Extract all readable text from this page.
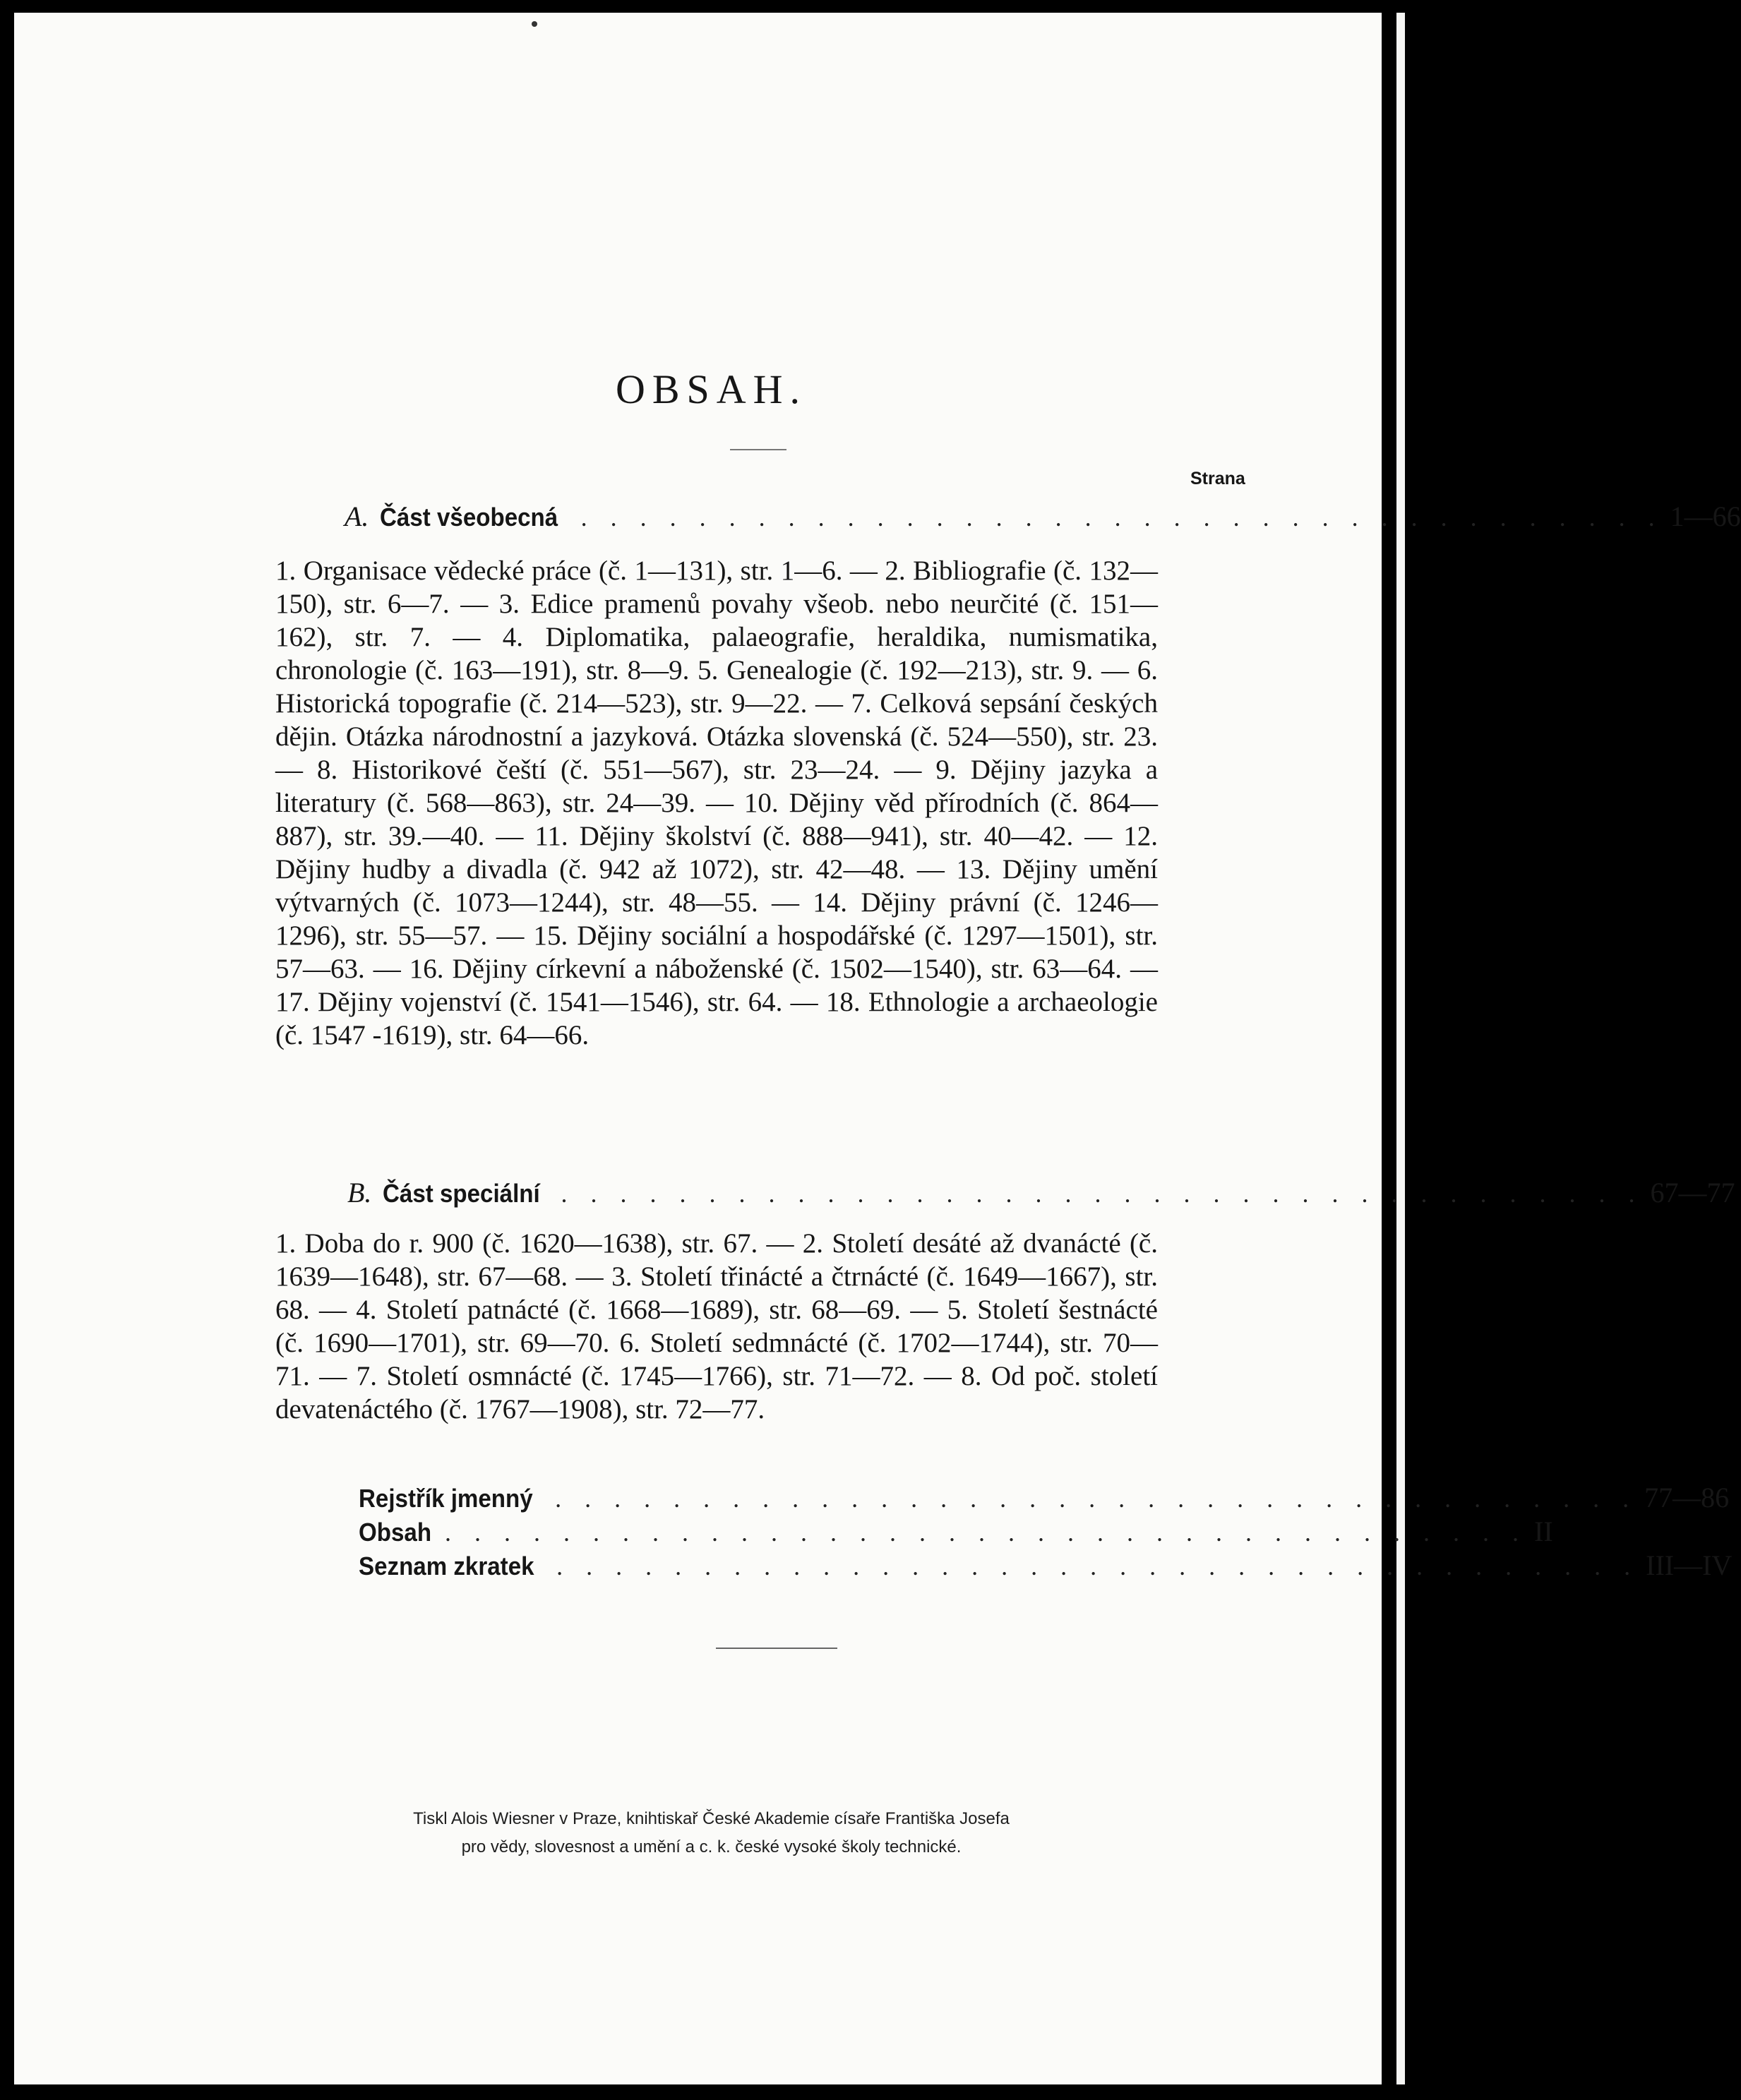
OBSAH.
Strana
A. Část všeobecná . . . . . . . . . . . . . . . . . . . . . . . . . . . . . . . . . . . . . 1—66
1. Organisace vědecké práce (č. 1—131), str. 1—6. — 2. Bibliografie (č. 132—150), str. 6—7. — 3. Edice pramenů povahy všeob. nebo neurčité (č. 151—162), str. 7. — 4. Diplomatika, palaeografie, heraldika, numismatika, chronologie (č. 163—191), str. 8—9. 5. Genealogie (č. 192—213), str. 9. — 6. Historická topografie (č. 214—523), str. 9—22. — 7. Celková sepsání českých dějin. Otázka národnostní a jazyková. Otázka slovenská (č. 524—550), str. 23. — 8. Historikové čeští (č. 551—567), str. 23—24. — 9. Dějiny jazyka a literatury (č. 568—863), str. 24—39. — 10. Dějiny věd přírodních (č. 864—887), str. 39.—40. — 11. Dějiny školství (č. 888—941), str. 40—42. — 12. Dějiny hudby a divadla (č. 942 až 1072), str. 42—48. — 13. Dějiny umění výtvarných (č. 1073—1244), str. 48—55. — 14. Dějiny právní (č. 1246—1296), str. 55—57. — 15. Dějiny sociální a hospodářské (č. 1297—1501), str. 57—63. — 16. Dějiny církevní a náboženské (č. 1502—1540), str. 63—64. — 17. Dějiny vojenství (č. 1541—1546), str. 64. — 18. Ethnologie a archaeologie (č. 1547 -1619), str. 64—66.
B. Část speciální . . . . . . . . . . . . . . . . . . . . . . . . . . . . . . . . . . . . . 67—77
1. Doba do r. 900 (č. 1620—1638), str. 67. — 2. Století desáté až dvanácté (č. 1639—1648), str. 67—68. — 3. Století třinácté a čtrnácté (č. 1649—1667), str. 68. — 4. Století patnácté (č. 1668—1689), str. 68—69. — 5. Století šestnácté (č. 1690—1701), str. 69—70. 6. Století sedmnácté (č. 1702—1744), str. 70—71. — 7. Století osmnácté (č. 1745—1766), str. 71—72. — 8. Od poč. století devatenáctého (č. 1767—1908), str. 72—77.
Rejstřík jmenný . . . . . . . . . . . . . . . . . . . . . . . . . . . . . . . . . . . . . 77—86
Obsah . . . . . . . . . . . . . . . . . . . . . . . . . . . . . . . . . . . . . II
Seznam zkratek . . . . . . . . . . . . . . . . . . . . . . . . . . . . . . . . . . . . . III—IV
Tiskl Alois Wiesner v Praze, knihtiskař České Akademie císaře Františka Josefa
pro vědy, slovesnost a umění a c. k. české vysoké školy technické.
